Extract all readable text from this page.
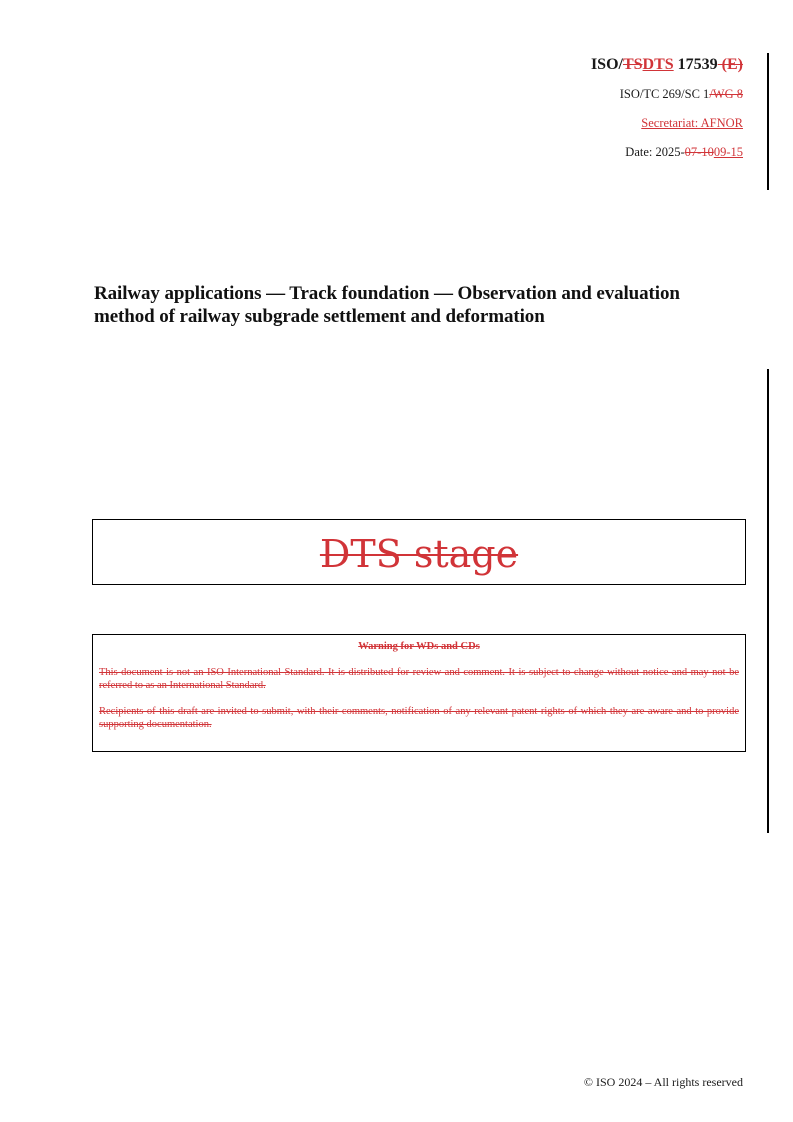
ISO/TSDTS 17539 (E)
ISO/TC 269/SC 1/WG 8
Secretariat: AFNOR
Date: 2025-07-1009-15
Railway applications — Track foundation — Observation and evaluation method of railway subgrade settlement and deformation
DTS stage
Warning for WDs and CDs
This document is not an ISO International Standard. It is distributed for review and comment. It is subject to change without notice and may not be referred to as an International Standard.
Recipients of this draft are invited to submit, with their comments, notification of any relevant patent rights of which they are aware and to provide supporting documentation.
© ISO 2024 – All rights reserved
